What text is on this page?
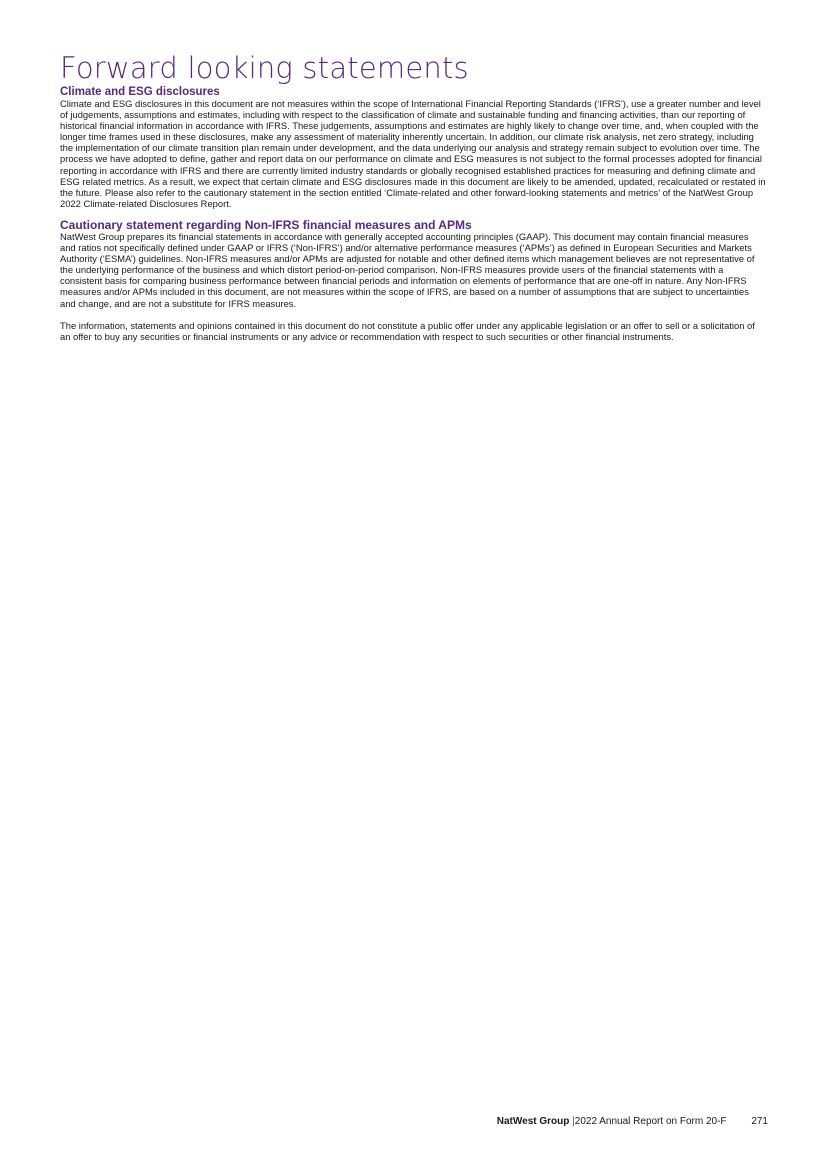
Forward looking statements
Climate and ESG disclosures

Climate and ESG disclosures in this document are not measures within the scope of International Financial Reporting Standards (‘IFRS’), use a greater number and level of judgements, assumptions and estimates, including with respect to the classification of climate and sustainable funding and financing activities, than our reporting of historical financial information in accordance with IFRS. These judgements, assumptions and estimates are highly likely to change over time, and, when coupled with the longer time frames used in these disclosures, make any assessment of materiality inherently uncertain. In addition, our climate risk analysis, net zero strategy, including the implementation of our climate transition plan remain under development, and the data underlying our analysis and strategy remain subject to evolution over time. The process we have adopted to define, gather and report data on our performance on climate and ESG measures is not subject to the formal processes adopted for financial reporting in accordance with IFRS and there are currently limited industry standards or globally recognised established practices for measuring and defining climate and ESG related metrics. As a result, we expect that certain climate and ESG disclosures made in this document are likely to be amended, updated, recalculated or restated in the future. Please also refer to the cautionary statement in the section entitled ‘Climate-related and other forward-looking statements and metrics’ of the NatWest Group 2022 Climate-related Disclosures Report.

Cautionary statement regarding Non-IFRS financial measures and APMs

NatWest Group prepares its financial statements in accordance with generally accepted accounting principles (GAAP). This document may contain financial measures and ratios not specifically defined under GAAP or IFRS (‘Non-IFRS’) and/or alternative performance measures (‘APMs’) as defined in European Securities and Markets Authority (‘ESMA’) guidelines. Non-IFRS measures and/or APMs are adjusted for notable and other defined items which management believes are not representative of the underlying performance of the business and which distort period-on-period comparison. Non-IFRS measures provide users of the financial statements with a consistent basis for comparing business performance between financial periods and information on elements of performance that are one-off in nature. Any Non-IFRS measures and/or APMs included in this document, are not measures within the scope of IFRS, are based on a number of assumptions that are subject to uncertainties and change, and are not a substitute for IFRS measures.

The information, statements and opinions contained in this document do not constitute a public offer under any applicable legislation or an offer to sell or a solicitation of an offer to buy any securities or financial instruments or any advice or recommendation with respect to such securities or other financial instruments.

NatWest Group |2022 Annual Report on Form 20-F 271
